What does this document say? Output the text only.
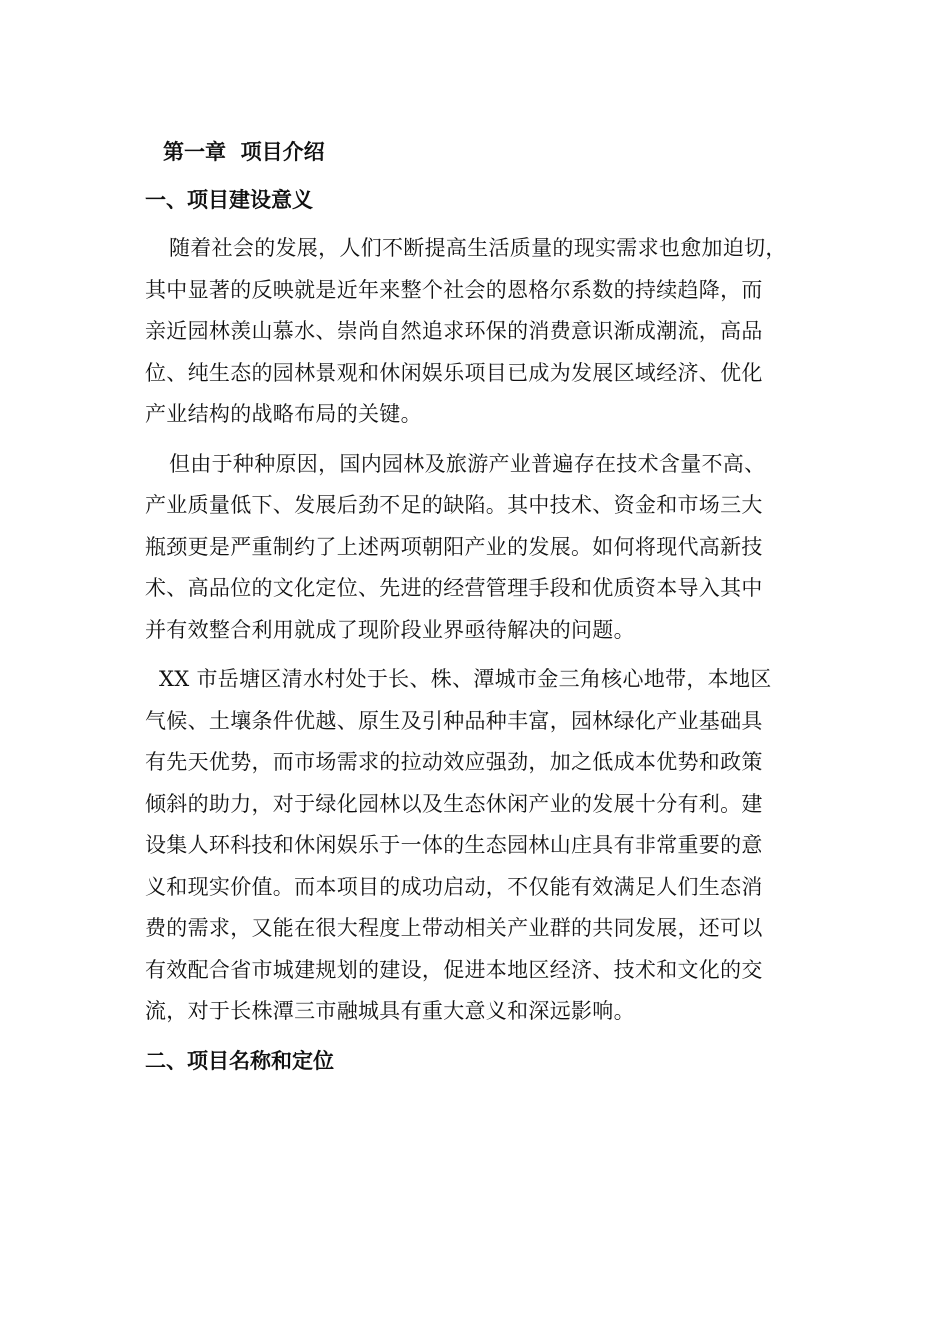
第一章  项目介绍
一、项目建设意义
随着社会的发展，人们不断提高生活质量的现实需求也愈加迫切，
其中显著的反映就是近年来整个社会的恩格尔系数的持续趋降，而
亲近园林羡山慕水、崇尚自然追求环保的消费意识渐成潮流，高品
位、纯生态的园林景观和休闲娱乐项目已成为发展区域经济、优化
产业结构的战略布局的关键。
但由于种种原因，国内园林及旅游产业普遍存在技术含量不高、
产业质量低下、发展后劲不足的缺陷。其中技术、资金和市场三大
瓶颈更是严重制约了上述两项朝阳产业的发展。如何将现代高新技
术、高品位的文化定位、先进的经营管理手段和优质资本导入其中
并有效整合利用就成了现阶段业界亟待解决的问题。
XX 市岳塘区清水村处于长、株、潭城市金三角核心地带，本地区
气候、土壤条件优越、原生及引种品种丰富，园林绿化产业基础具
有先天优势，而市场需求的拉动效应强劲，加之低成本优势和政策
倾斜的助力，对于绿化园林以及生态休闲产业的发展十分有利。建
设集人环科技和休闲娱乐于一体的生态园林山庄具有非常重要的意
义和现实价值。而本项目的成功启动，不仅能有效满足人们生态消
费的需求，又能在很大程度上带动相关产业群的共同发展，还可以
有效配合省市城建规划的建设，促进本地区经济、技术和文化的交
流，对于长株潭三市融城具有重大意义和深远影响。
二、项目名称和定位
